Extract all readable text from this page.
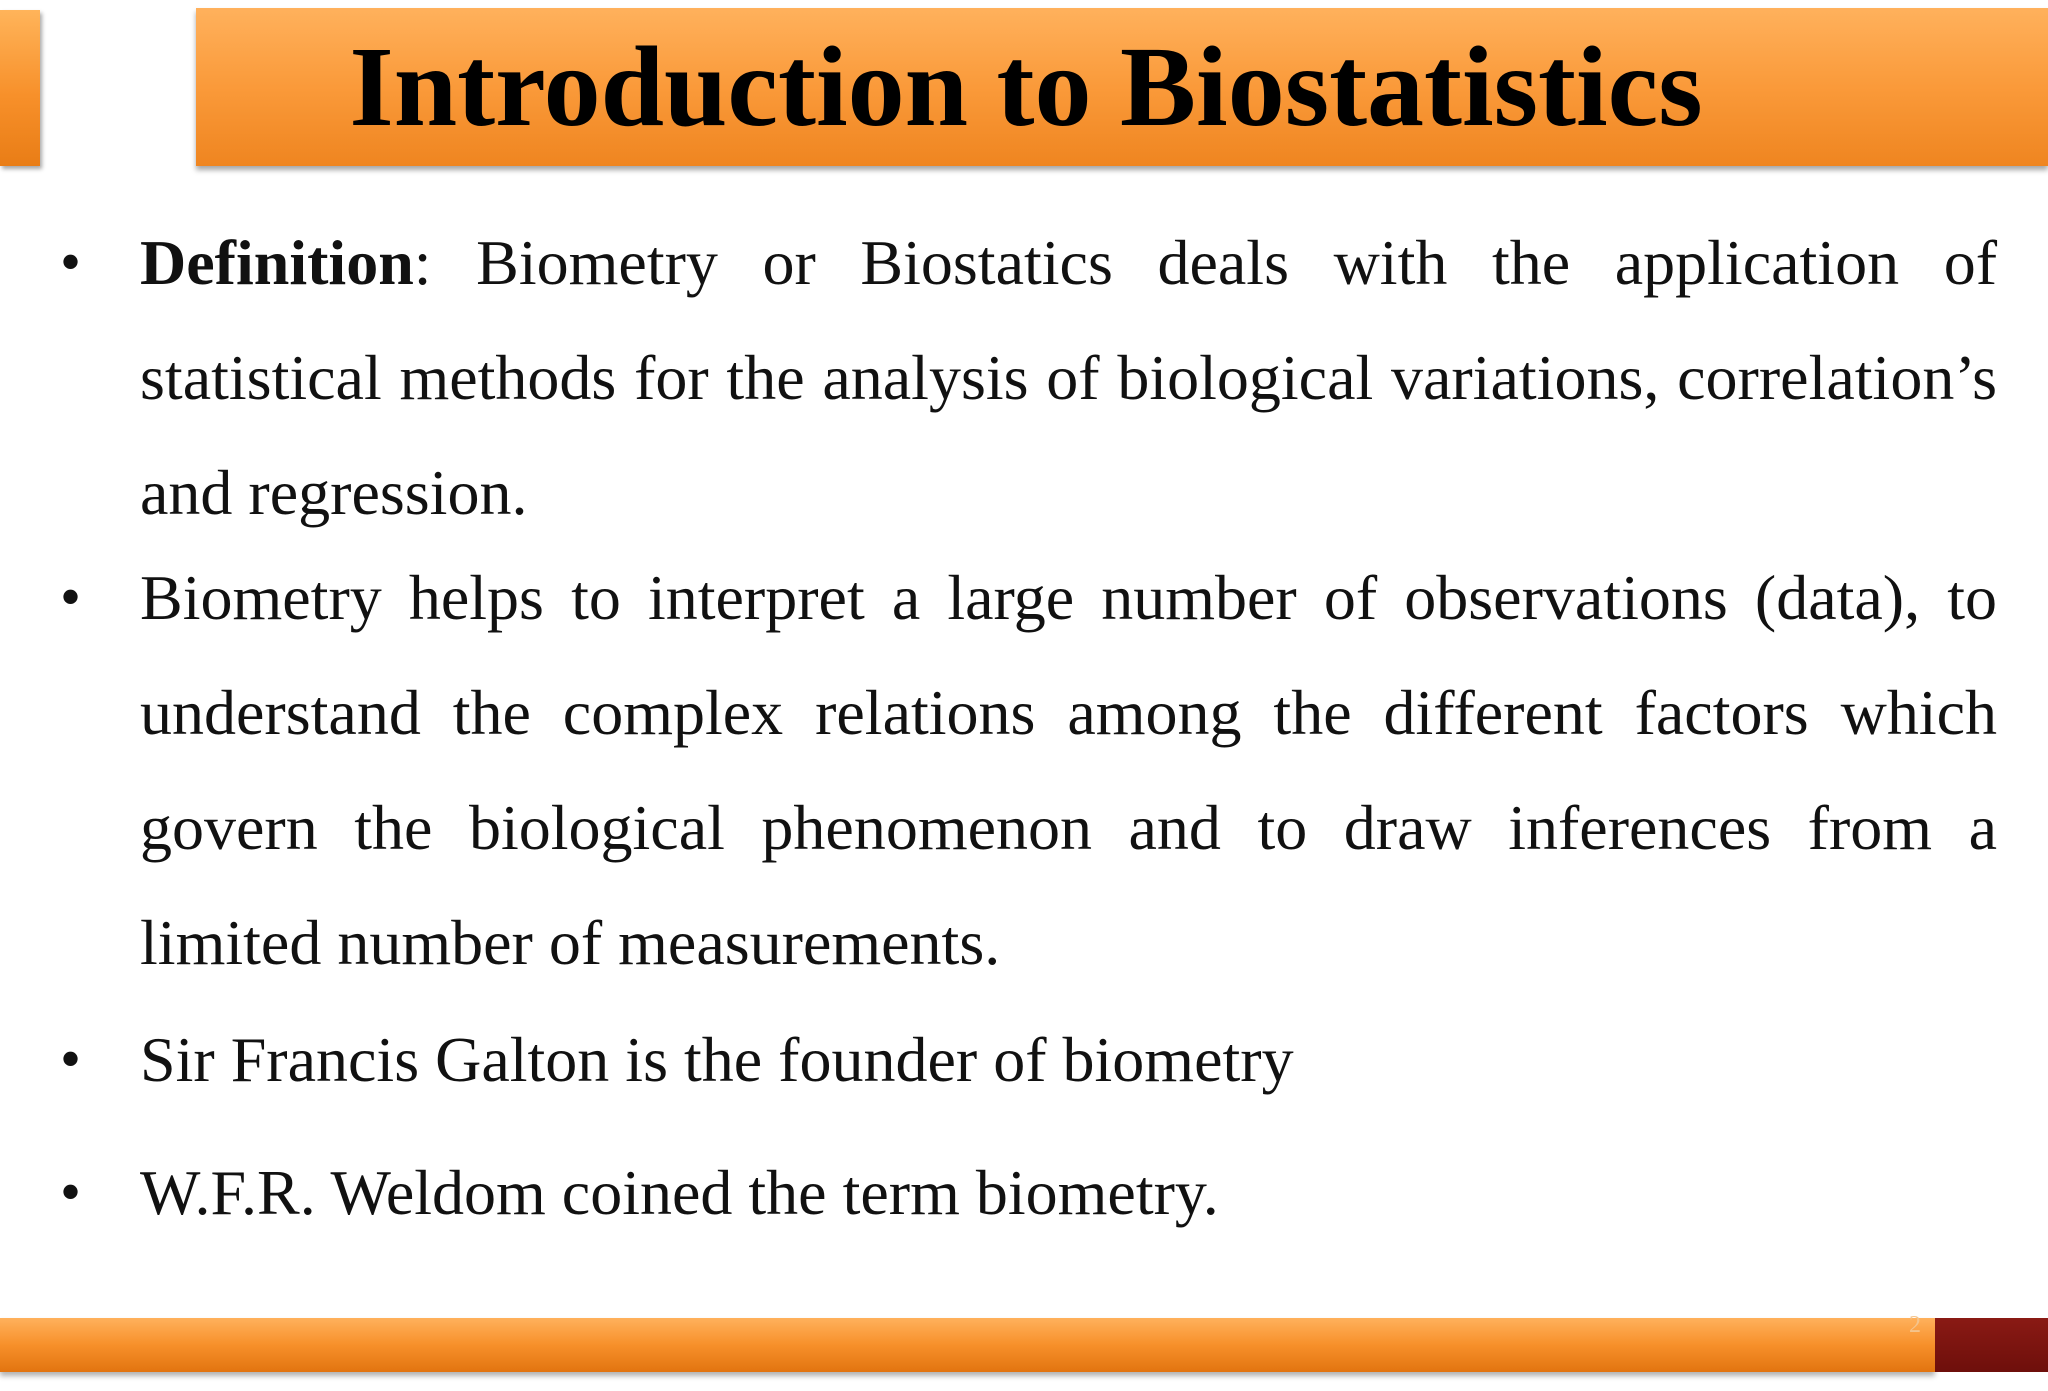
Introduction to Biostatistics
• Definition: Biometry or Biostatics deals with the application of statistical methods for the analysis of biological variations, correlation’s and regression.
• Biometry helps to interpret a large number of observations (data), to understand the complex relations among the different factors which govern the biological phenomenon and to draw inferences from a limited number of measurements.
• Sir Francis Galton is the founder of biometry
• W.F.R. Weldom coined the term biometry.
2
